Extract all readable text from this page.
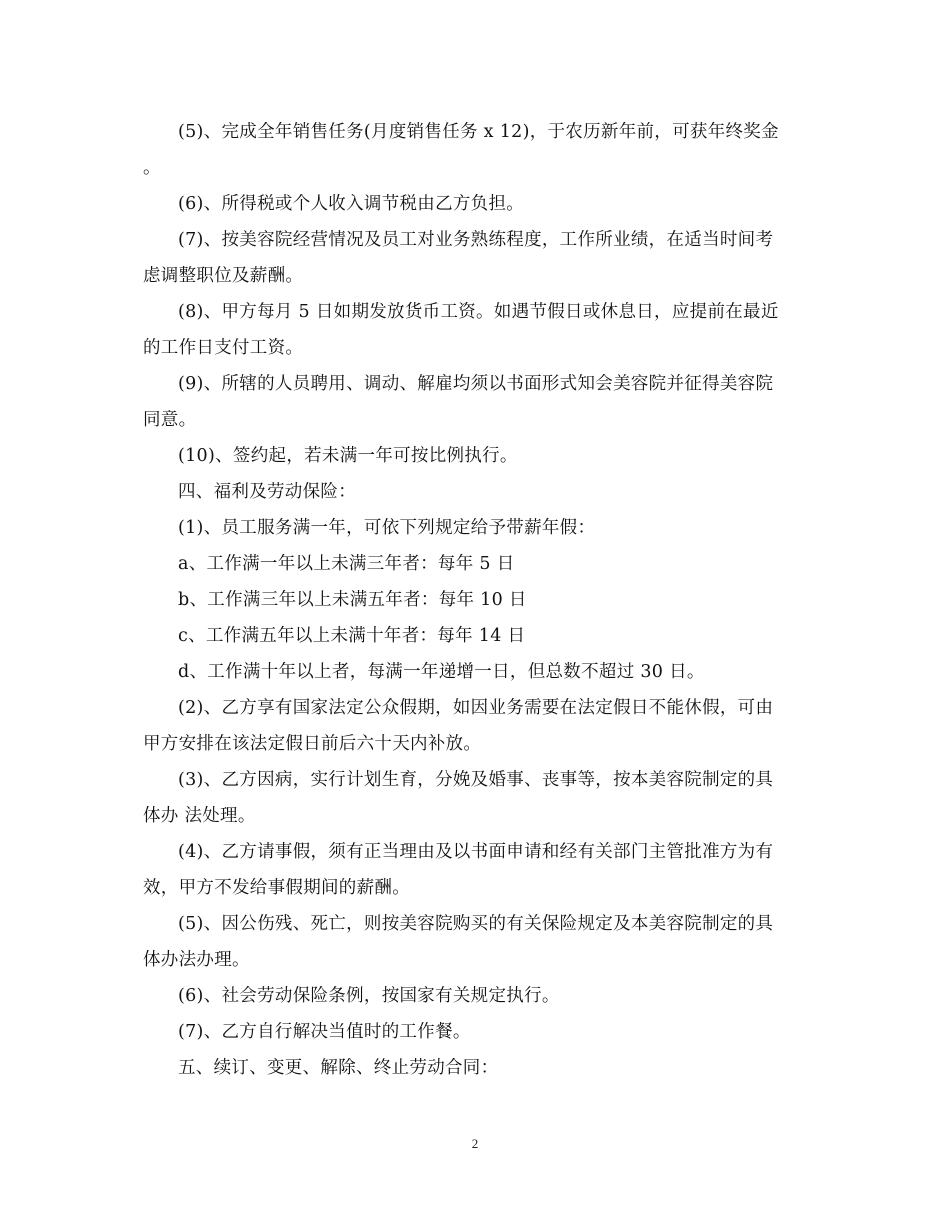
(5)、完成全年销售任务(月度销售任务 x 12)，于农历新年前，可获年终奖金
。

(6)、所得税或个人收入调节税由乙方负担。

(7)、按美容院经营情况及员工对业务熟练程度，工作所业绩，在适当时间考
虑调整职位及薪酬。

(8)、甲方每月 5 日如期发放货币工资。如遇节假日或休息日，应提前在最近
的工作日支付工资。

(9)、所辖的人员聘用、调动、解雇均须以书面形式知会美容院并征得美容院
同意。

(10)、签约起，若未满一年可按比例执行。

四、福利及劳动保险：

(1)、员工服务满一年，可依下列规定给予带薪年假：

a、工作满一年以上未满三年者：每年 5 日

b、工作满三年以上未满五年者：每年 10 日

c、工作满五年以上未满十年者：每年 14 日

d、工作满十年以上者，每满一年递增一日，但总数不超过 30 日。

(2)、乙方享有国家法定公众假期，如因业务需要在法定假日不能休假，可由
甲方安排在该法定假日前后六十天内补放。

(3)、乙方因病，实行计划生育，分娩及婚事、丧事等，按本美容院制定的具
体办 法处理。

(4)、乙方请事假，须有正当理由及以书面申请和经有关部门主管批准方为有
效，甲方不发给事假期间的薪酬。

(5)、因公伤残、死亡，则按美容院购买的有关保险规定及本美容院制定的具
体办法办理。

(6)、社会劳动保险条例，按国家有关规定执行。

(7)、乙方自行解决当值时的工作餐。

五、续订、变更、解除、终止劳动合同：

2
